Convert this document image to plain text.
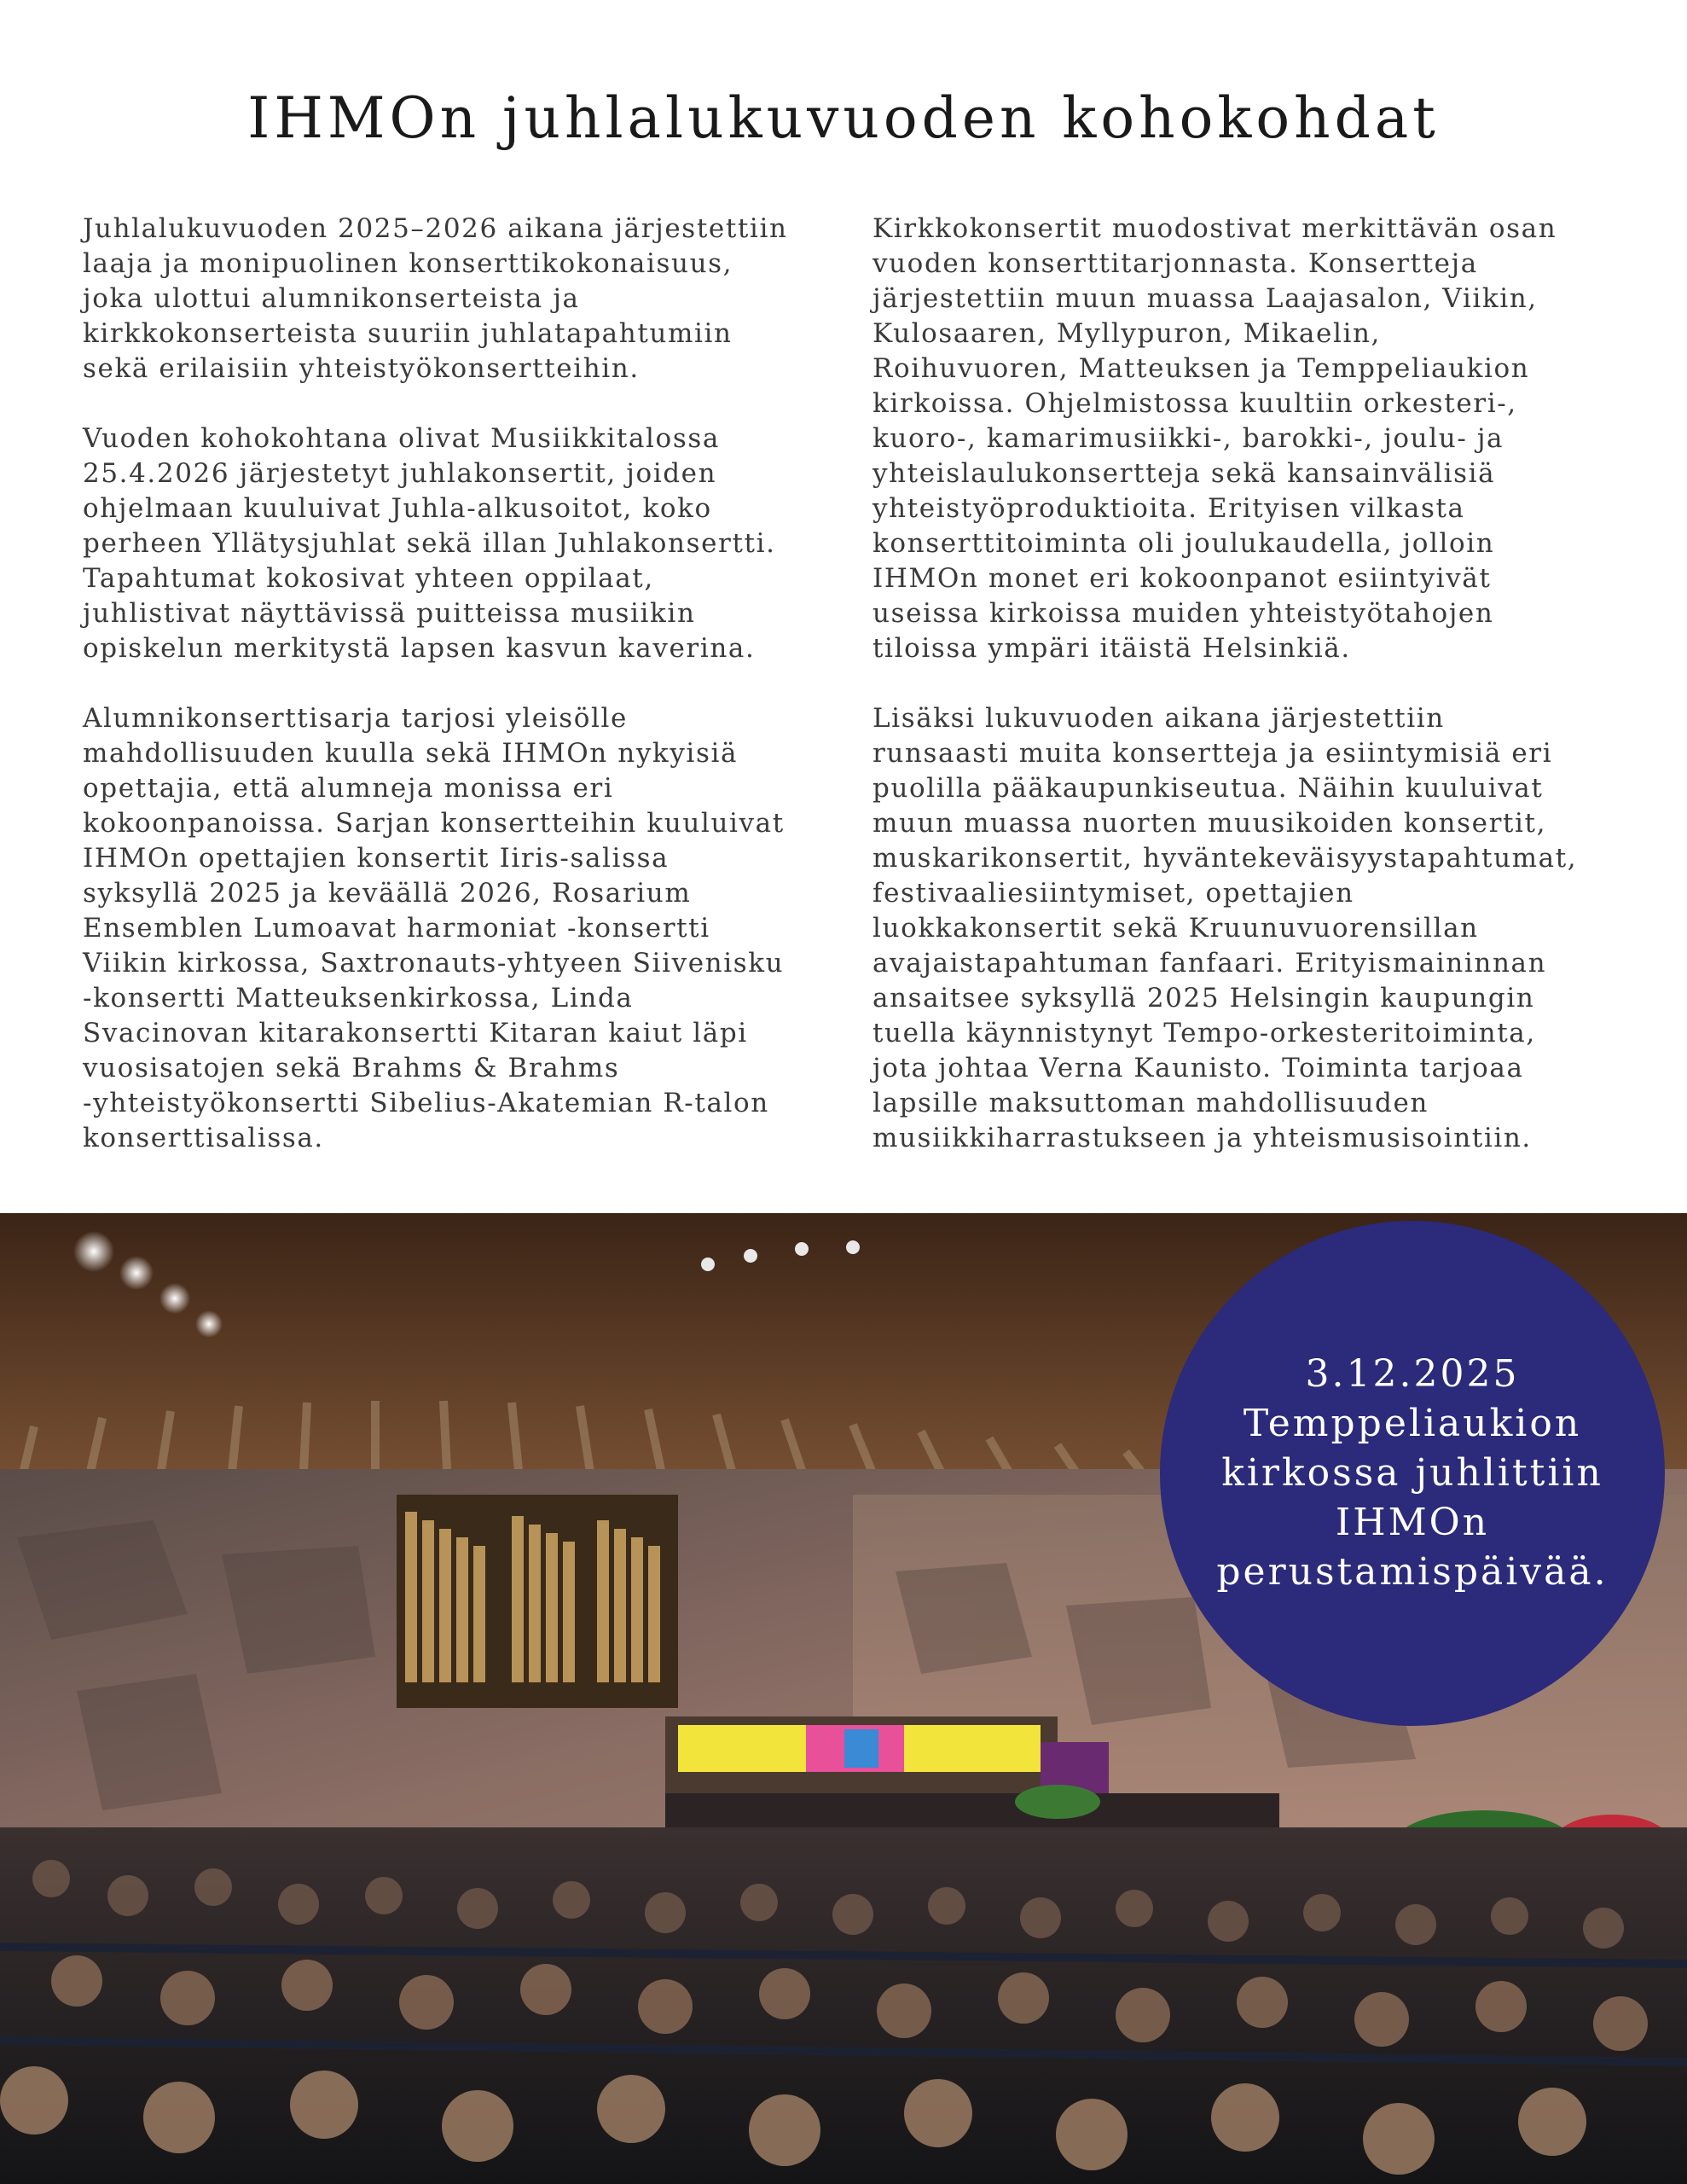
IHMOn juhlalukuvuoden kohokohdat

Juhlalukuvuoden 2025–2026 aikana järjestettiin
laaja ja monipuolinen konserttikokonaisuus,
joka ulottui alumnikonserteista ja
kirkkokonserteista suuriin juhlatapahtumiin
sekä erilaisiin yhteistyökonsertteihin.

Vuoden kohokohtana olivat Musiikkitalossa
25.4.2026 järjestetyt juhlakonsertit, joiden
ohjelmaan kuuluivat Juhla-alkusoitot, koko
perheen Yllätysjuhlat sekä illan Juhlakonsertti.
Tapahtumat kokosivat yhteen oppilaat,
juhlistivat näyttävissä puitteissa musiikin
opiskelun merkitystä lapsen kasvun kaverina.

Alumnikonserttisarja tarjosi yleisölle
mahdollisuuden kuulla sekä IHMOn nykyisiä
opettajia, että alumneja monissa eri
kokoonpanoissa. Sarjan konsertteihin kuuluivat
IHMOn opettajien konsertit Iiris-salissa
syksyllä 2025 ja keväällä 2026, Rosarium
Ensemblen Lumoavat harmoniat -konsertti
Viikin kirkossa, Saxtronauts-yhtyeen Siivenisku
-konsertti Matteuksenkirkossa, Linda
Svacinovan kitarakonsertti Kitaran kaiut läpi
vuosisatojen sekä Brahms & Brahms
-yhteistyökonsertti Sibelius-Akatemian R-talon
konserttisalissa.

Kirkkokonsertit muodostivat merkittävän osan
vuoden konserttitarjonnasta. Konsertteja
järjestettiin muun muassa Laajasalon, Viikin,
Kulosaaren, Myllypuron, Mikaelin,
Roihuvuoren, Matteuksen ja Temppeliaukion
kirkoissa. Ohjelmistossa kuultiin orkesteri-,
kuoro-, kamarimusiikki-, barokki-, joulu- ja
yhteislaulukonsertteja sekä kansainvälisiä
yhteistyöproduktioita. Erityisen vilkasta
konserttitoiminta oli joulukaudella, jolloin
IHMOn monet eri kokoonpanot esiintyivät
useissa kirkoissa muiden yhteistyötahojen
tiloissa ympäri itäistä Helsinkiä.

Lisäksi lukuvuoden aikana järjestettiin
runsaasti muita konsertteja ja esiintymisiä eri
puolilla pääkaupunkiseutua. Näihin kuuluivat
muun muassa nuorten muusikoiden konsertit,
muskarikonsertit, hyväntekeväisyystapahtumat,
festivaaliesiintymiset, opettajien
luokkakonsertit sekä Kruunuvuorensillan
avajaistapahtuman fanfaari. Erityismaininnan
ansaitsee syksyllä 2025 Helsingin kaupungin
tuella käynnistynyt Tempo-orkesteritoiminta,
jota johtaa Verna Kaunisto. Toiminta tarjoaa
lapsille maksuttoman mahdollisuuden
musiikkiharrastukseen ja yhteismusisointiin.

3.12.2025
Temppeliaukion
kirkossa juhlittiin
IHMOn
perustamispäivää.
